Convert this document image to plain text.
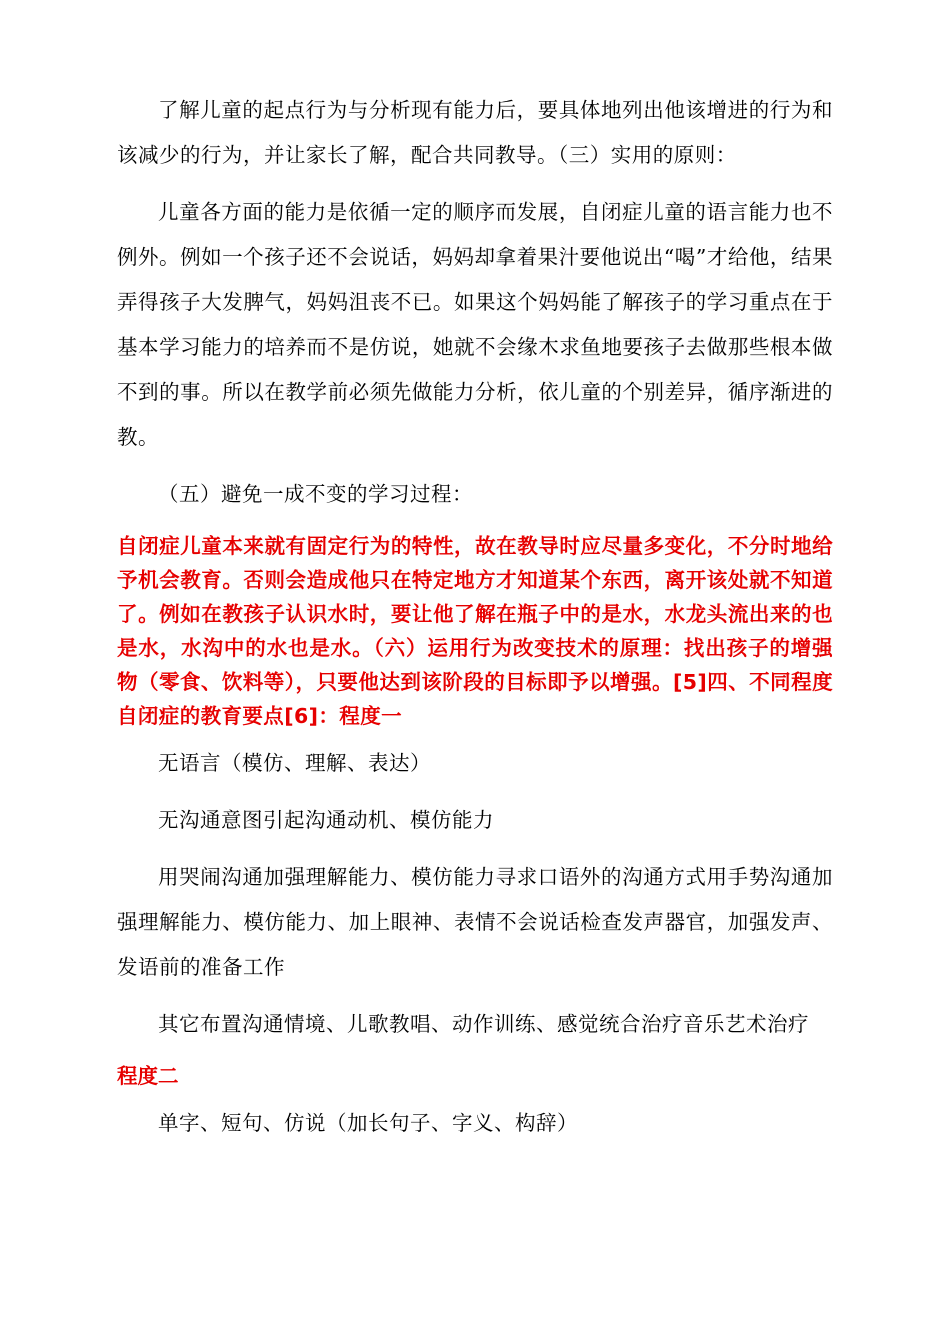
了解儿童的起点行为与分析现有能力后，要具体地列出他该增进的行为和该减少的行为，并让家长了解，配合共同教导。（三）实用的原则：

儿童各方面的能力是依循一定的顺序而发展，自闭症儿童的语言能力也不例外。例如一个孩子还不会说话，妈妈却拿着果汁要他说出“喝”才给他，结果弄得孩子大发脾气，妈妈沮丧不已。如果这个妈妈能了解孩子的学习重点在于基本学习能力的培养而不是仿说，她就不会缘木求鱼地要孩子去做那些根本做不到的事。所以在教学前必须先做能力分析，依儿童的个别差异，循序渐进的教。

（五）避免一成不变的学习过程：

自闭症儿童本来就有固定行为的特性，故在教导时应尽量多变化，不分时地给予机会教育。否则会造成他只在特定地方才知道某个东西，离开该处就不知道了。例如在教孩子认识水时，要让他了解在瓶子中的是水，水龙头流出来的也是水，水沟中的水也是水。（六）运用行为改变技术的原理：找出孩子的增强物（零食、饮料等），只要他达到该阶段的目标即予以增强。[5]四、不同程度自闭症的教育要点[6]：程度一

无语言（模仿、理解、表达）

无沟通意图引起沟通动机、模仿能力

用哭闹沟通加强理解能力、模仿能力寻求口语外的沟通方式用手势沟通加强理解能力、模仿能力、加上眼神、表情不会说话检查发声器官，加强发声、发语前的准备工作

其它布置沟通情境、儿歌教唱、动作训练、感觉统合治疗音乐艺术治疗

程度二

单字、短句、仿说（加长句子、字义、构辞）
